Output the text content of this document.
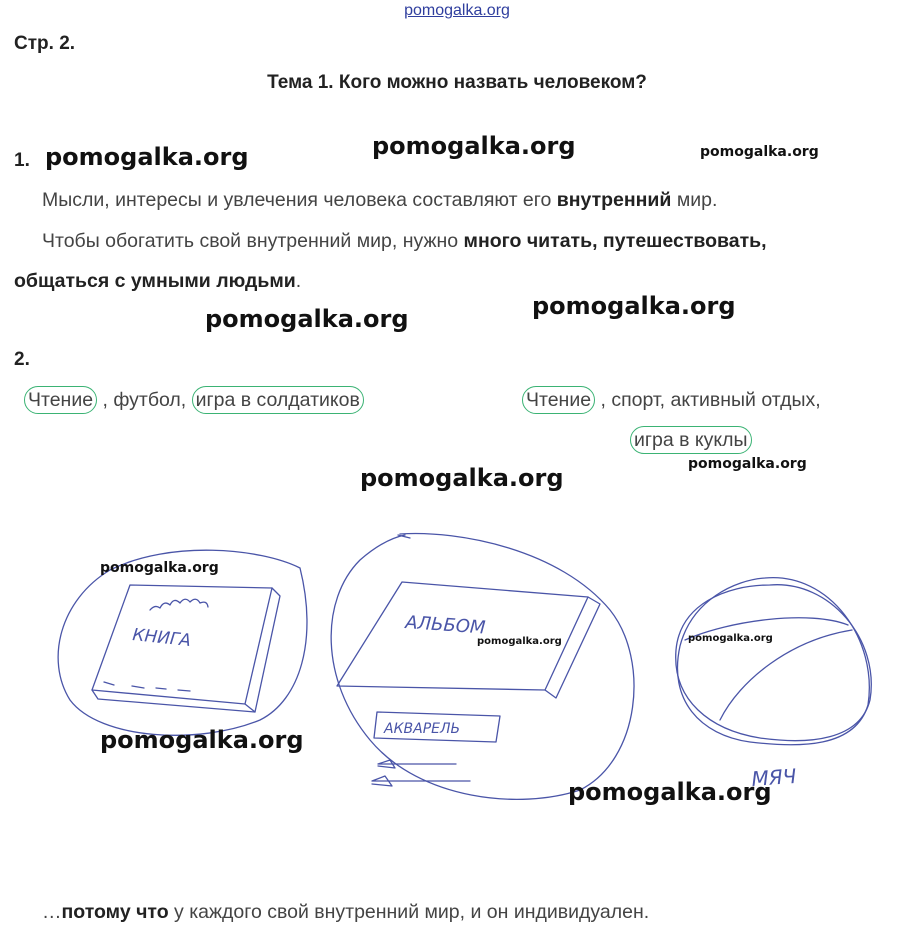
pomogalka.org
Стр. 2.
Тема 1. Кого можно назвать человеком?
1. pomogalka.org	pomogalka.org	pomogalka.org
Мысли, интересы и увлечения человека составляют его внутренний мир.
Чтобы обогатить свой внутренний мир, нужно много читать, путешествовать,
общаться с умными людьми.
pomogalka.org	pomogalka.org
2.
Чтение , футбол, игра в солдатиков	Чтение , спорт, активный отдых,
игра в куклы
pomogalka.org
pomogalka.org
КНИГА	АЛЬБОМ
АКВАРЕЛЬ
МЯЧ
pomogalka.org
pomogalka.org	pomogalka.org
pomogalka.org
pomogalka.org
…потому что у каждого свой внутренний мир, и он индивидуален.
